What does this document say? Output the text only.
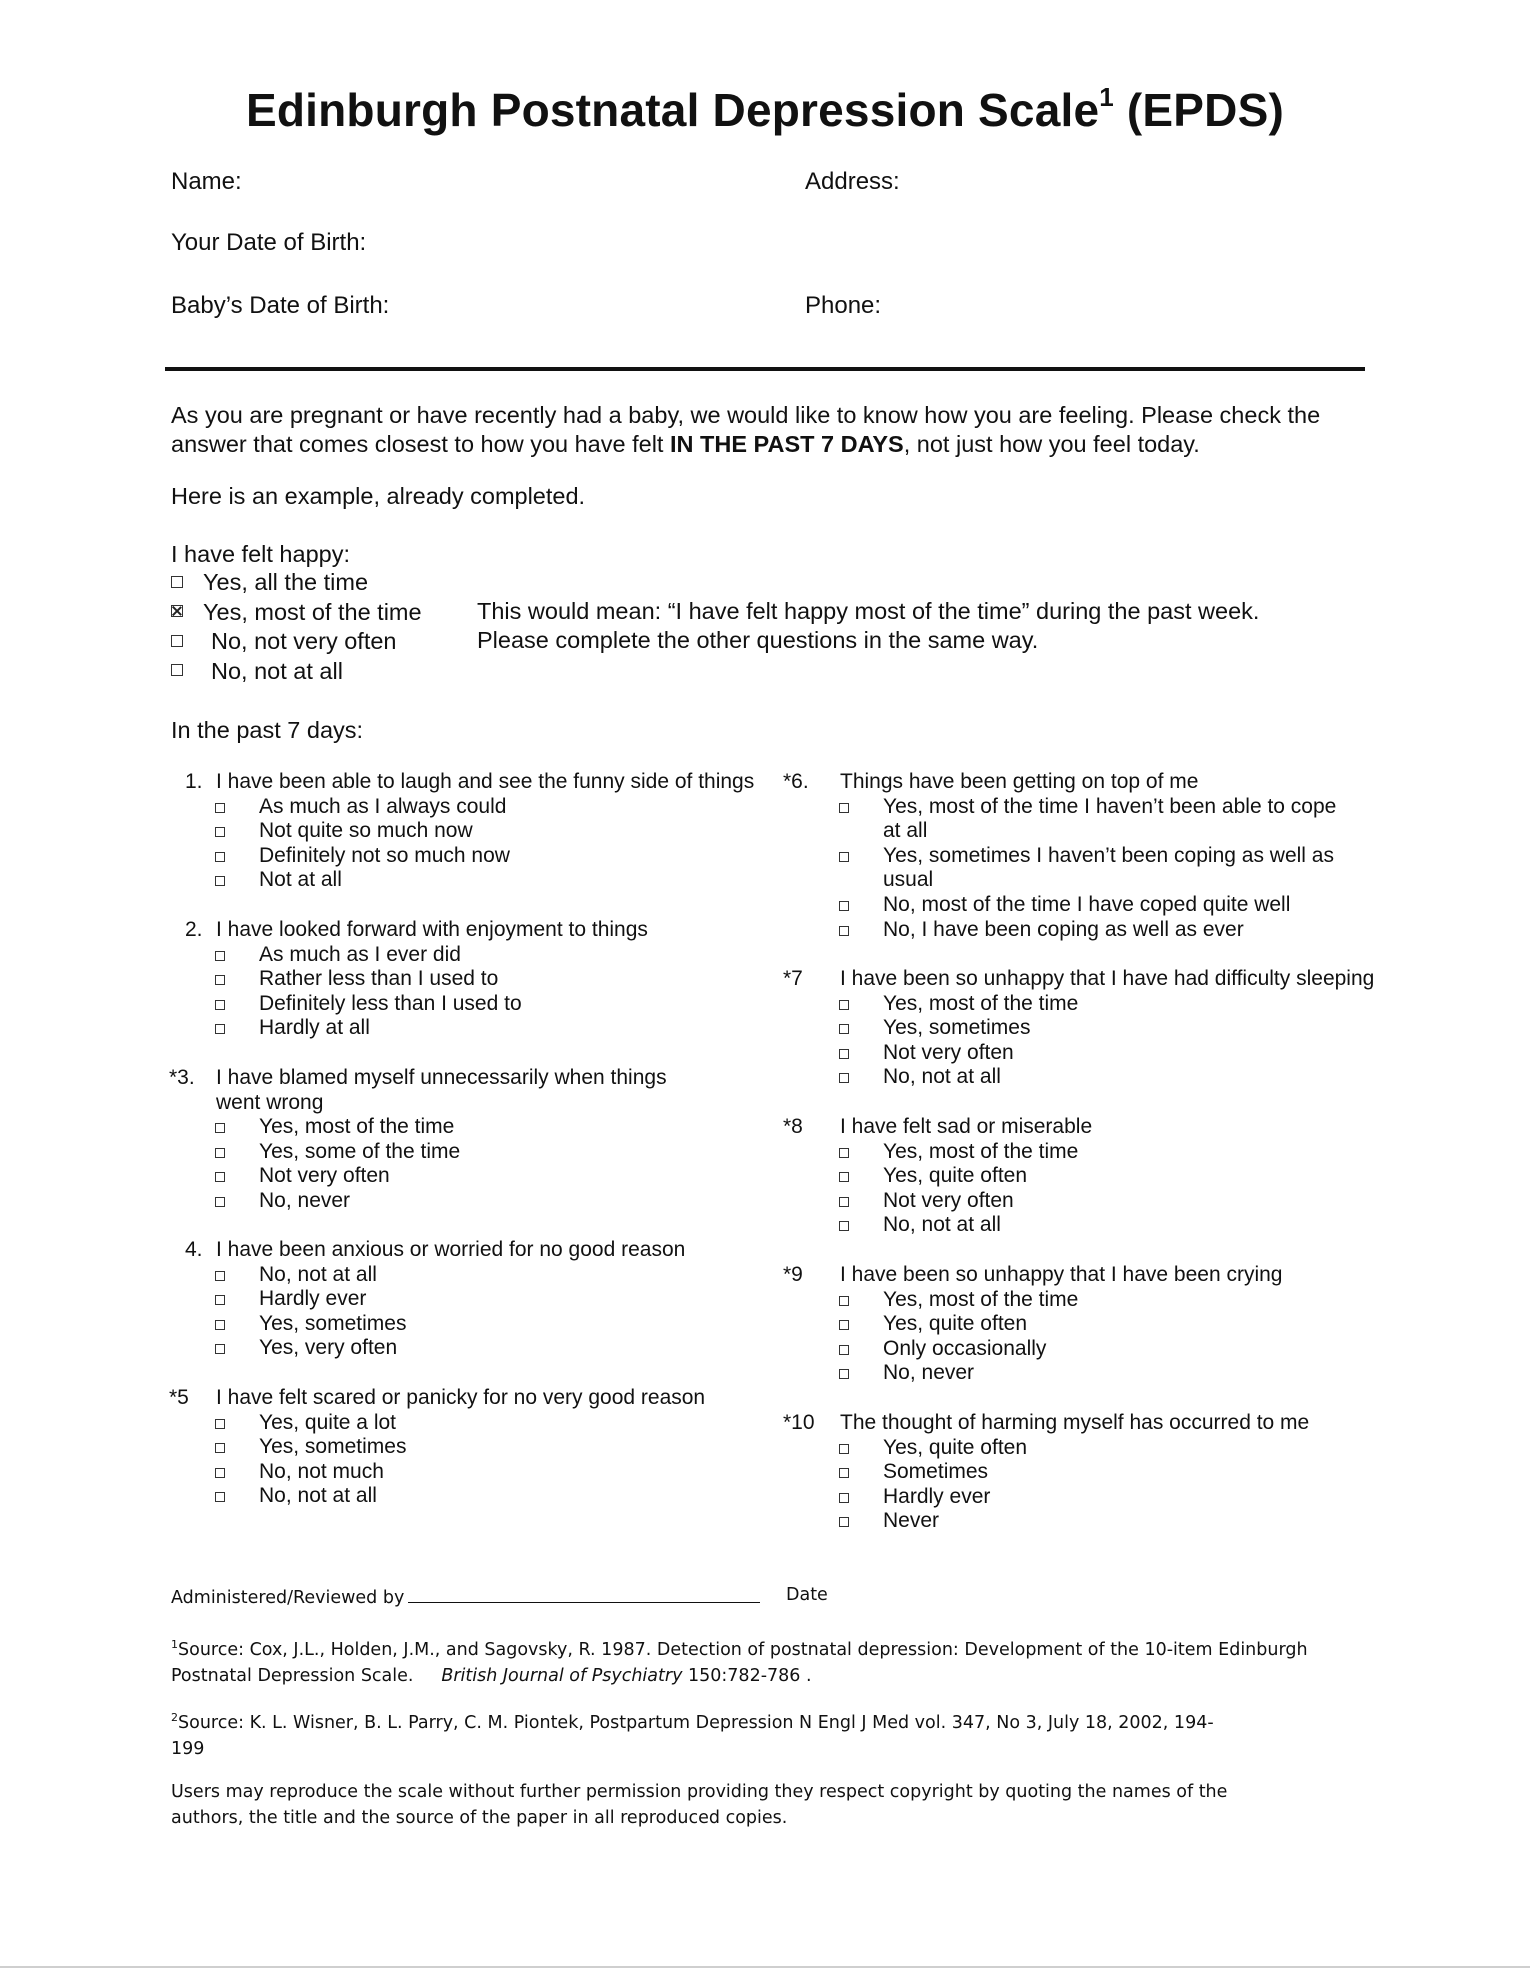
Edinburgh Postnatal Depression Scale$^1$ (EPDS)
Name:	Address:
Your Date of Birth:
Baby’s Date of Birth:	Phone:
As you are pregnant or have recently had a baby, we would like to know how you are feeling. Please check the answer that comes closest to how you have felt IN THE PAST 7 DAYS, not just how you feel today.
Here is an example, already completed.
I have felt happy:
Yes, all the time
Yes, most of the time
No, not very often
No, not at all
This would mean: “I have felt happy most of the time” during the past week.
Please complete the other questions in the same way.
In the past 7 days:
1. I have been able to laugh and see the funny side of things
As much as I always could
Not quite so much now
Definitely not so much now
Not at all
2. I have looked forward with enjoyment to things
As much as I ever did
Rather less than I used to
Definitely less than I used to
Hardly at all
*3.	I have blamed myself unnecessarily when things went wrong
Yes, most of the time
Yes, some of the time
Not very often
No, never
4. I have been anxious or worried for no good reason
No, not at all
Hardly ever
Yes, sometimes
Yes, very often
*5	I have felt scared or panicky for no very good reason
Yes, quite a lot
Yes, sometimes
No, not much
No, not at all
*6.	Things have been getting on top of me
Yes, most of the time I haven’t been able to cope at all
Yes, sometimes I haven’t been coping as well as usual
No, most of the time I have coped quite well
No, I have been coping as well as ever
*7	I have been so unhappy that I have had difficulty sleeping
Yes, most of the time
Yes, sometimes
Not very often
No, not at all
*8	I have felt sad or miserable
Yes, most of the time
Yes, quite often
Not very often
No, not at all
*9	I have been so unhappy that I have been crying
Yes, most of the time
Yes, quite often
Only occasionally
No, never
*10	The thought of harming myself has occurred to me
Yes, quite often
Sometimes
Hardly ever
Never
Administered/Reviewed by	Date
$^1$Source: Cox, J.L., Holden, J.M., and Sagovsky, R. 1987. Detection of postnatal depression: Development of the 10-item Edinburgh Postnatal Depression Scale. British Journal of Psychiatry 150:782-786 .
$^2$Source: K. L. Wisner, B. L. Parry, C. M. Piontek, Postpartum Depression N Engl J Med vol. 347, No 3, July 18, 2002, 194-199
Users may reproduce the scale without further permission providing they respect copyright by quoting the names of the authors, the title and the source of the paper in all reproduced copies.
